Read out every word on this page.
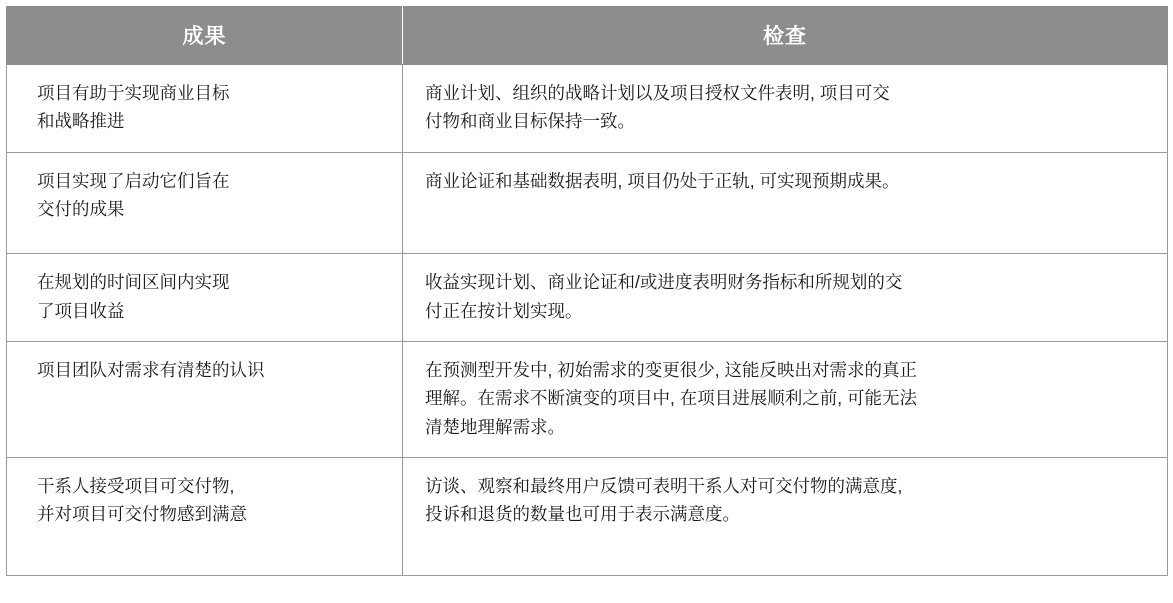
成果	检查

项目有助于实现商业目标
和战略推进	商业计划、组织的战略计划以及项目授权文件表明, 项目可交
付物和商业目标保持一致。

项目实现了启动它们旨在
交付的成果	商业论证和基础数据表明, 项目仍处于正轨, 可实现预期成果。

在规划的时间区间内实现
了项目收益	收益实现计划、商业论证和/或进度表明财务指标和所规划的交
付正在按计划实现。

项目团队对需求有清楚的认识	在预测型开发中, 初始需求的变更很少, 这能反映出对需求的真正
理解。在需求不断演变的项目中, 在项目进展顺利之前, 可能无法
清楚地理解需求。

干系人接受项目可交付物,
并对项目可交付物感到满意	访谈、观察和最终用户反馈可表明干系人对可交付物的满意度,
投诉和退货的数量也可用于表示满意度。
